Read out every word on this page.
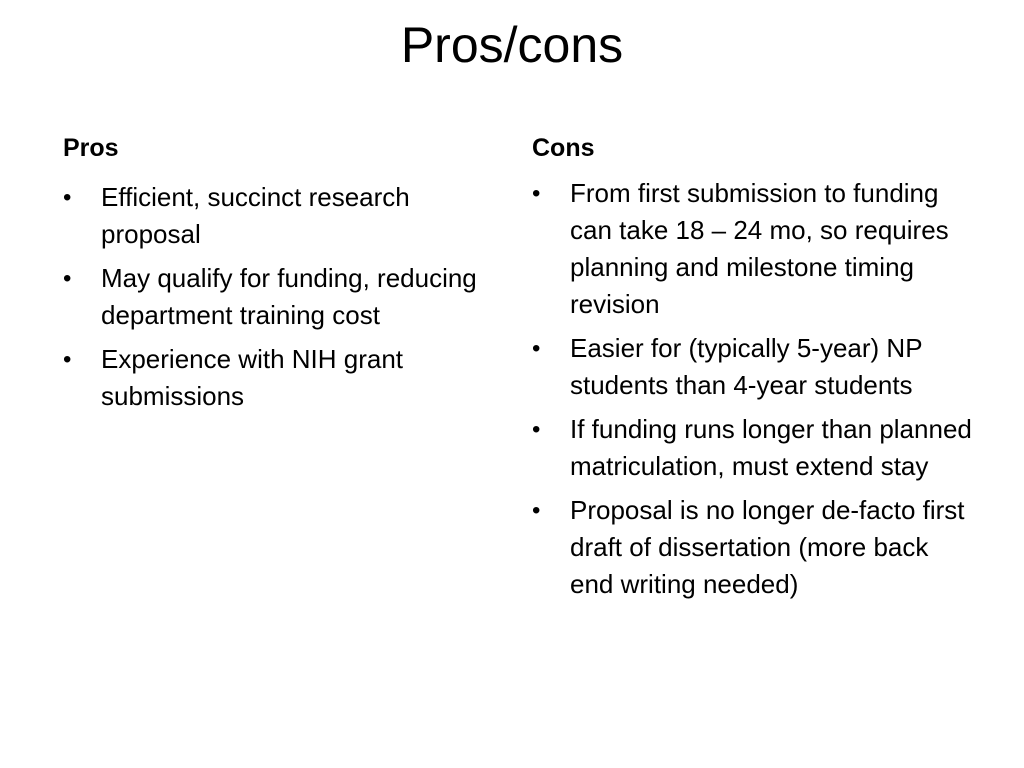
Pros/cons
Pros
•	Efficient, succinct research proposal
•	May qualify for funding, reducing department training cost
•	Experience with NIH grant submissions
Cons
•	From first submission to funding can take 18 – 24 mo, so requires planning and milestone timing revision
•	Easier for (typically 5-year) NP students than 4-year students
•	If funding runs longer than planned matriculation, must extend stay
•	Proposal is no longer de-facto first draft of dissertation (more back end writing needed)
